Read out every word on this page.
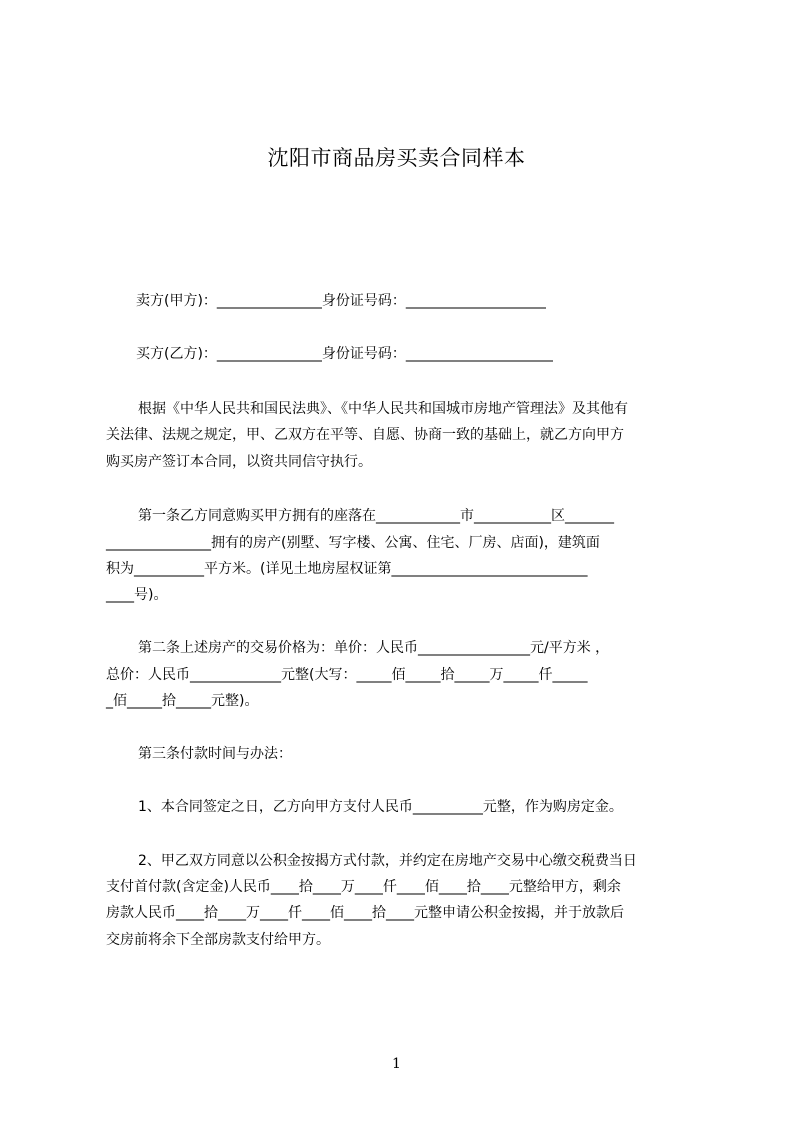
沈阳市商品房买卖合同样本
卖方(甲方)：_______________身份证号码：____________________
买方(乙方)：_______________身份证号码：_____________________
根据《中华人民共和国民法典》、《中华人民共和国城市房地产管理法》及其他有
关法律、法规之规定，甲、乙双方在平等、自愿、协商一致的基础上，就乙方向甲方
购买房产签订本合同，以资共同信守执行。
第一条乙方同意购买甲方拥有的座落在____________市___________区_______
_______________拥有的房产(别墅、写字楼、公寓、住宅、厂房、店面)，建筑面
积为__________平方米。(详见土地房屋权证第____________________________
____号)。
第二条上述房产的交易价格为：单价：人民币________________元/平方米 ，
总价：人民币_____________元整(大写：_____佰_____拾_____万_____仟_____
_佰_____拾_____元整)。
第三条付款时间与办法：
1、本合同签定之日，乙方向甲方支付人民币__________元整，作为购房定金。
2、甲乙双方同意以公积金按揭方式付款，并约定在房地产交易中心缴交税费当日
支付首付款(含定金)人民币____拾____万____仟____佰____拾____元整给甲方，剩余
房款人民币____拾____万____仟____佰____拾____元整申请公积金按揭，并于放款后
交房前将余下全部房款支付给甲方。
1
